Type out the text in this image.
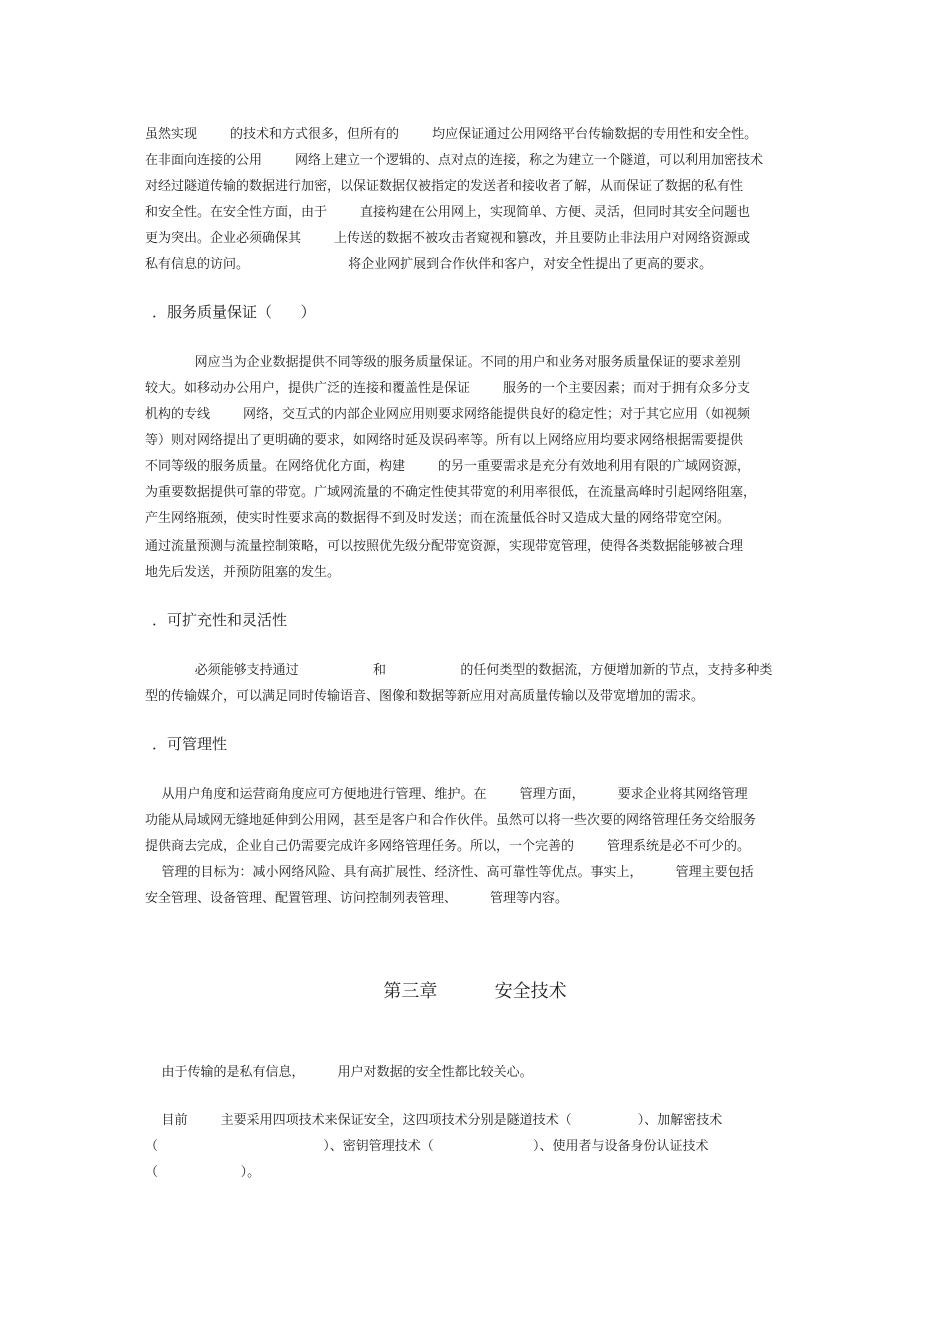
虽然实现        的技术和方式很多，但所有的        均应保证通过公用网络平台传输数据的专用性和安全性。
在非面向连接的公用        网络上建立一个逻辑的、点对点的连接，称之为建立一个隧道，可以利用加密技术
对经过隧道传输的数据进行加密，以保证数据仅被指定的发送者和接收者了解，从而保证了数据的私有性
和安全性。在安全性方面，由于        直接构建在公用网上，实现简单、方便、灵活，但同时其安全问题也
更为突出。企业必须确保其        上传送的数据不被攻击者窥视和篡改，并且要防止非法用户对网络资源或
私有信息的访问。                        将企业网扩展到合作伙伴和客户，对安全性提出了更高的要求。
．服务质量保证（      ）
网应当为企业数据提供不同等级的服务质量保证。不同的用户和业务对服务质量保证的要求差别
较大。如移动办公用户，提供广泛的连接和覆盖性是保证        服务的一个主要因素；而对于拥有众多分支
机构的专线        网络，交互式的内部企业网应用则要求网络能提供良好的稳定性；对于其它应用（如视频
等）则对网络提出了更明确的要求，如网络时延及误码率等。所有以上网络应用均要求网络根据需要提供
不同等级的服务质量。在网络优化方面，构建        的另一重要需求是充分有效地利用有限的广域网资源，
为重要数据提供可靠的带宽。广域网流量的不确定性使其带宽的利用率很低，在流量高峰时引起网络阻塞，
产生网络瓶颈，使实时性要求高的数据得不到及时发送；而在流量低谷时又造成大量的网络带宽空闲。
通过流量预测与流量控制策略，可以按照优先级分配带宽资源，实现带宽管理，使得各类数据能够被合理
地先后发送，并预防阻塞的发生。
．可扩充性和灵活性
必须能够支持通过                  和                  的任何类型的数据流，方便增加新的节点，支持多种类
型的传输媒介，可以满足同时传输语音、图像和数据等新应用对高质量传输以及带宽增加的需求。
．可管理性
从用户角度和运营商角度应可方便地进行管理、维护。在        管理方面，        要求企业将其网络管理
功能从局域网无缝地延伸到公用网，甚至是客户和合作伙伴。虽然可以将一些次要的网络管理任务交给服务
提供商去完成，企业自己仍需要完成许多网络管理任务。所以，一个完善的        管理系统是必不可少的。
管理的目标为：减小网络风险、具有高扩展性、经济性、高可靠性等优点。事实上，        管理主要包括
安全管理、设备管理、配置管理、访问控制列表管理、        管理等内容。
第三章          安全技术
由于传输的是私有信息，        用户对数据的安全性都比较关心。
目前        主要采用四项技术来保证安全，这四项技术分别是隧道技术（                ）、加解密技术
（                                        ）、密钥管理技术（                        ）、使用者与设备身份认证技术
（                    ）。
